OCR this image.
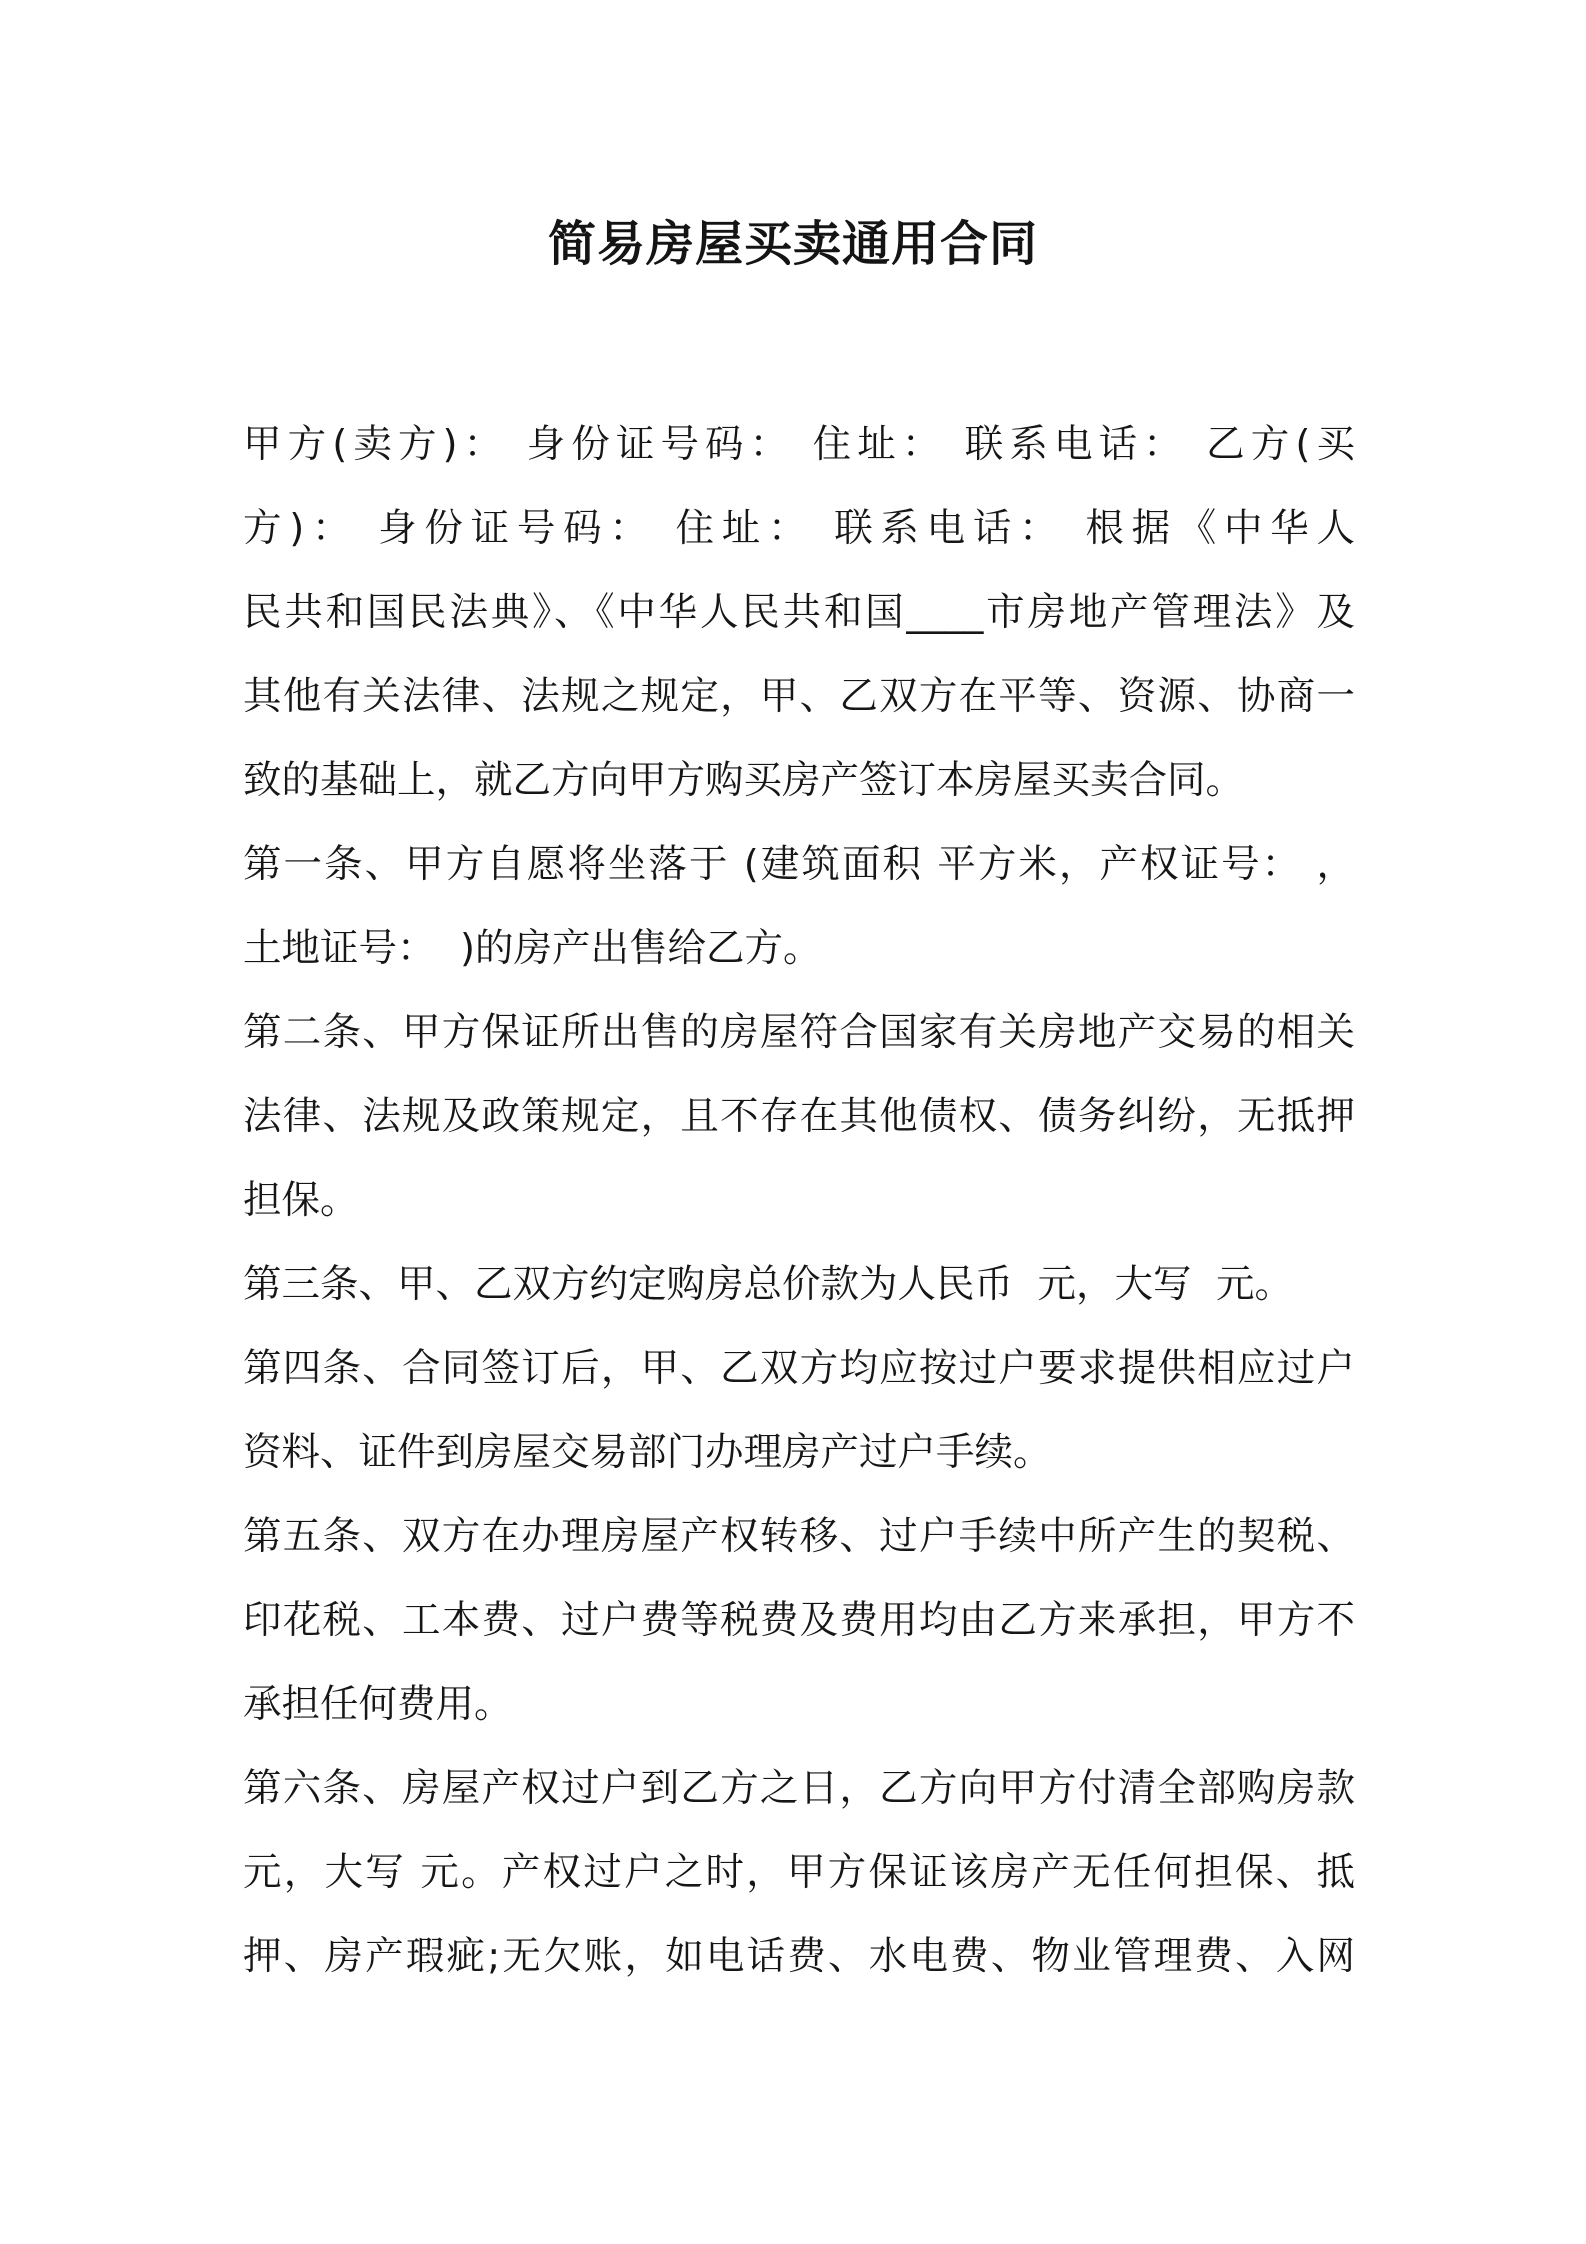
简易房屋买卖通用合同
甲方(卖方)： 身份证号码： 住址： 联系电话： 乙方(买
方)： 身份证号码： 住址： 联系电话： 根据《中华人
民共和国民法典》、《中华人民共和国____市房地产管理法》及
其他有关法律、法规之规定，甲、乙双方在平等、资源、协商一
致的基础上，就乙方向甲方购买房产签订本房屋买卖合同。
第一条、甲方自愿将坐落于 (建筑面积 平方米，产权证号： ，
土地证号：  )的房产出售给乙方。
第二条、甲方保证所出售的房屋符合国家有关房地产交易的相关
法律、法规及政策规定，且不存在其他债权、债务纠纷，无抵押
担保。
第三条、甲、乙双方约定购房总价款为人民币  元，大写  元。
第四条、合同签订后，甲、乙双方均应按过户要求提供相应过户
资料、证件到房屋交易部门办理房产过户手续。
第五条、双方在办理房屋产权转移、过户手续中所产生的契税、
印花税、工本费、过户费等税费及费用均由乙方来承担，甲方不
承担任何费用。
第六条、房屋产权过户到乙方之日，乙方向甲方付清全部购房款
元，大写 元。产权过户之时，甲方保证该房产无任何担保、抵
押、房产瑕疵;无欠账，如电话费、水电费、物业管理费、入网
